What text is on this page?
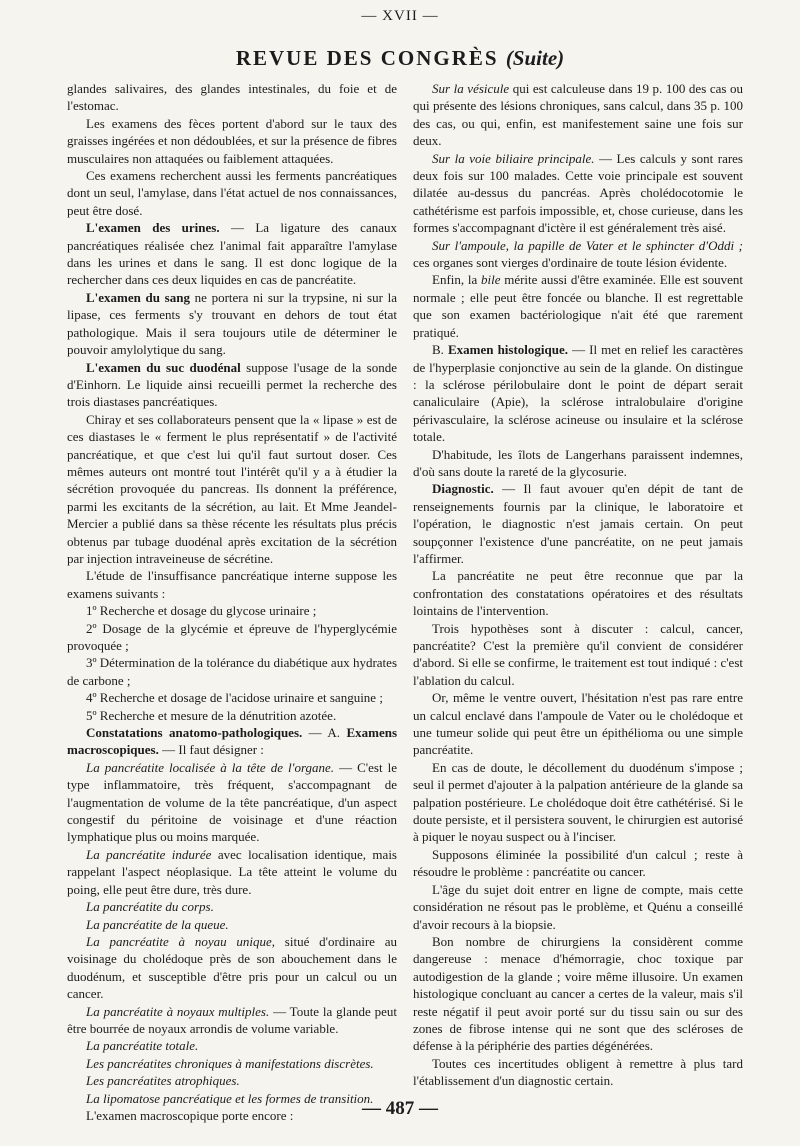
— XVII —
REVUE DES CONGRÈS (Suite)

glandes salivaires, des glandes intestinales, du foie et de l'estomac.

Les examens des fèces portent d'abord sur le taux des graisses ingérées et non dédoublées, et sur la présence de fibres musculaires non attaquées ou faiblement attaquées.

Ces examens recherchent aussi les ferments pancréatiques dont un seul, l'amylase, dans l'état actuel de nos connaissances, peut être dosé.

L'examen des urines. — La ligature des canaux pancréatiques réalisée chez l'animal fait apparaître l'amylase dans les urines et dans le sang. Il est donc logique de la rechercher dans ces deux liquides en cas de pancréatite.

L'examen du sang ne portera ni sur la trypsine, ni sur la lipase, ces ferments s'y trouvant en dehors de tout état pathologique. Mais il sera toujours utile de déterminer le pouvoir amylolytique du sang.

L'examen du suc duodénal suppose l'usage de la sonde d'Einhorn. Le liquide ainsi recueilli permet la recherche des trois diastases pancréatiques.

Chiray et ses collaborateurs pensent que la « lipase » est de ces diastases le « ferment le plus représentatif » de l'activité pancréatique, et que c'est lui qu'il faut surtout doser. Ces mêmes auteurs ont montré tout l'intérêt qu'il y a à étudier la sécrétion provoquée du pancreas. Ils donnent la préférence, parmi les excitants de la sécrétion, au lait. Et Mme Jeandel-Mercier a publié dans sa thèse récente les résultats plus précis obtenus par tubage duodénal après excitation de la sécrétion par injection intraveineuse de sécrétine.

L'étude de l'insuffisance pancréatique interne suppose les examens suivants :

1º Recherche et dosage du glycose urinaire ;

2º Dosage de la glycémie et épreuve de l'hyperglycémie provoquée ;

3º Détermination de la tolérance du diabétique aux hydrates de carbone ;

4º Recherche et dosage de l'acidose urinaire et sanguine ;

5º Recherche et mesure de la dénutrition azotée.

Constatations anatomo-pathologiques. — A. Examens macroscopiques. — Il faut désigner :

La pancréatite localisée à la tête de l'organe. — C'est le type inflammatoire, très fréquent, s'accompagnant de l'augmentation de volume de la tête pancréatique, d'un aspect congestif du péritoine de voisinage et d'une réaction lymphatique plus ou moins marquée.

La pancréatite indurée avec localisation identique, mais rappelant l'aspect néoplasique. La tête atteint le volume du poing, elle peut être dure, très dure.

La pancréatite du corps.

La pancréatite de la queue.

La pancréatite à noyau unique, situé d'ordinaire au voisinage du cholédoque près de son abouchement dans le duodénum, et susceptible d'être pris pour un calcul ou un cancer.

La pancréatite à noyaux multiples. — Toute la glande peut être bourrée de noyaux arrondis de volume variable.

La pancréatite totale.

Les pancréatites chroniques à manifestations discrètes.

Les pancréatites atrophiques.

La lipomatose pancréatique et les formes de transition.

L'examen macroscopique porte encore :

Sur la vésicule qui est calculeuse dans 19 p. 100 des cas ou qui présente des lésions chroniques, sans calcul, dans 35 p. 100 des cas, ou qui, enfin, est manifestement saine une fois sur deux.

Sur la voie biliaire principale. — Les calculs y sont rares deux fois sur 100 malades. Cette voie principale est souvent dilatée au-dessus du pancréas. Après cholédocotomie le cathétérisme est parfois impossible, et, chose curieuse, dans les formes s'accompagnant d'ictère il est généralement très aisé.

Sur l'ampoule, la papille de Vater et le sphincter d'Oddi ; ces organes sont vierges d'ordinaire de toute lésion évidente.

Enfin, la bile mérite aussi d'être examinée. Elle est souvent normale ; elle peut être foncée ou blanche. Il est regrettable que son examen bactériologique n'ait été que rarement pratiqué.

B. Examen histologique. — Il met en relief les caractères de l'hyperplasie conjonctive au sein de la glande. On distingue : la sclérose périlobulaire dont le point de départ serait canaliculaire (Apie), la sclérose intralobulaire d'origine périvasculaire, la sclérose acineuse ou insulaire et la sclérose totale.

D'habitude, les îlots de Langerhans paraissent indemnes, d'où sans doute la rareté de la glycosurie.

Diagnostic. — Il faut avouer qu'en dépit de tant de renseignements fournis par la clinique, le laboratoire et l'opération, le diagnostic n'est jamais certain. On peut soupçonner l'existence d'une pancréatite, on ne peut jamais l'affirmer.

La pancréatite ne peut être reconnue que par la confrontation des constatations opératoires et des résultats lointains de l'intervention.

Trois hypothèses sont à discuter : calcul, cancer, pancréatite? C'est la première qu'il convient de considérer d'abord. Si elle se confirme, le traitement est tout indiqué : c'est l'ablation du calcul.

Or, même le ventre ouvert, l'hésitation n'est pas rare entre un calcul enclavé dans l'ampoule de Vater ou le cholédoque et une tumeur solide qui peut être un épithélioma ou une simple pancréatite.

En cas de doute, le décollement du duodénum s'impose ; seul il permet d'ajouter à la palpation antérieure de la glande sa palpation postérieure. Le cholédoque doit être cathétérisé. Si le doute persiste, et il persistera souvent, le chirurgien est autorisé à piquer le noyau suspect ou à l'inciser.

Supposons éliminée la possibilité d'un calcul ; reste à résoudre le problème : pancréatite ou cancer.

L'âge du sujet doit entrer en ligne de compte, mais cette considération ne résout pas le problème, et Quénu a conseillé d'avoir recours à la biopsie.

Bon nombre de chirurgiens la considèrent comme dangereuse : menace d'hémorragie, choc toxique par autodigestion de la glande ; voire même illusoire. Un examen histologique concluant au cancer a certes de la valeur, mais s'il reste négatif il peut avoir porté sur du tissu sain ou sur des zones de fibrose intense qui ne sont que des scléroses de défense à la périphérie des parties dégénérées.

Toutes ces incertitudes obligent à remettre à plus tard l'établissement d'un diagnostic certain.

— 487 —
